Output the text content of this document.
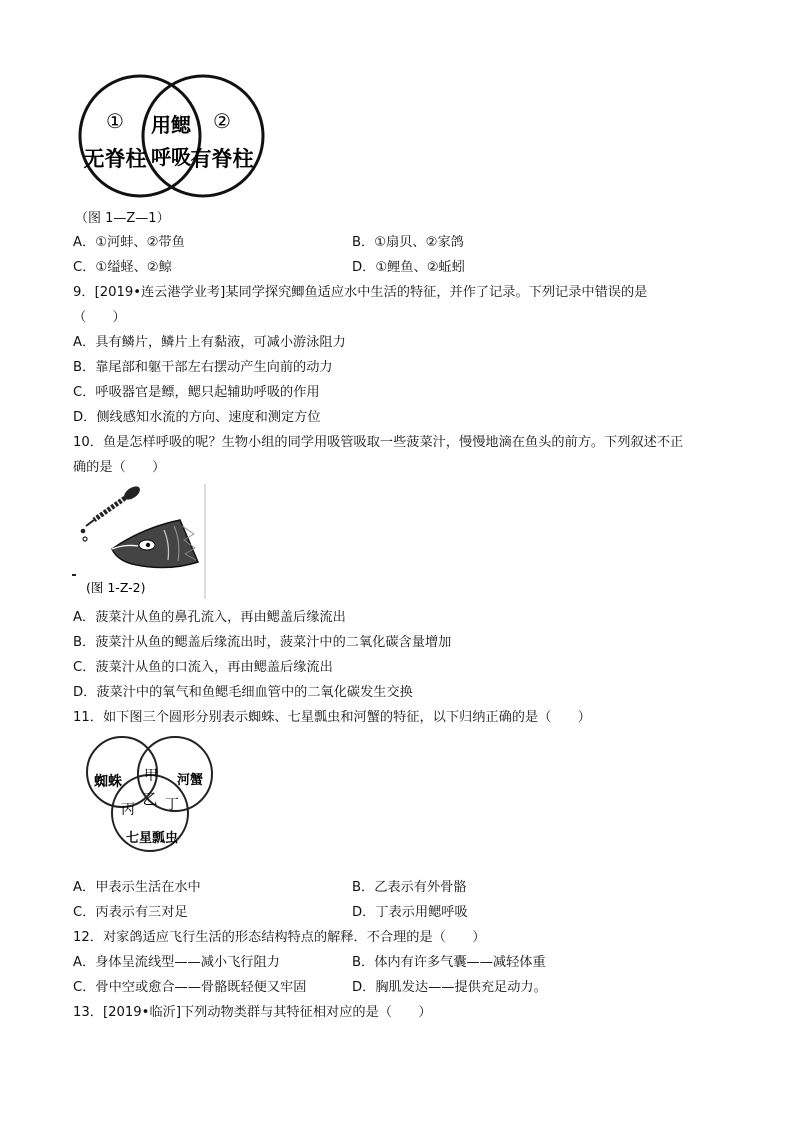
①
无脊柱
用鳃
呼吸
②
有脊柱
（图 1—Z—1）
A．①河蚌、②带鱼	B．①扇贝、②家鸽
C．①缢蛏、②鲸	D．①鲤鱼、②蚯蚓
9．[2019•连云港学业考]某同学探究鲫鱼适应水中生活的特征，并作了记录。下列记录中错误的是
（　　）
A．具有鳞片，鳞片上有黏液，可减小游泳阻力
B．靠尾部和躯干部左右摆动产生向前的动力
C．呼吸器官是鳔，鳃只起辅助呼吸的作用
D．侧线感知水流的方向、速度和测定方位
10．鱼是怎样呼吸的呢？生物小组的同学用吸管吸取一些菠菜汁，慢慢地滴在鱼头的前方。下列叙述不正
确的是（　　）
(图 1-Z-2)
A．菠菜汁从鱼的鼻孔流入，再由鳃盖后缘流出
B．菠菜汁从鱼的鳃盖后缘流出时，菠菜汁中的二氧化碳含量增加
C．菠菜汁从鱼的口流入，再由鳃盖后缘流出
D．菠菜汁中的氧气和鱼鳃毛细血管中的二氧化碳发生交换
11．如下图三个圆形分别表示蜘蛛、七星瓢虫和河蟹的特征，以下归纳正确的是（　　）
蜘蛛	河蟹
七星瓢虫
甲
乙
丙 丁
A．甲表示生活在水中	B．乙表示有外骨骼
C．丙表示有三对足	D．丁表示用鳃呼吸
12．对家鸽适应飞行生活的形态结构特点的解释．不合理的是（　　）
A．身体呈流线型——减小飞行阻力	B．体内有许多气囊——减轻体重
C．骨中空或愈合——骨骼既轻便又牢固	D．胸肌发达——提供充足动力。
13．[2019•临沂]下列动物类群与其特征相对应的是（　　）
